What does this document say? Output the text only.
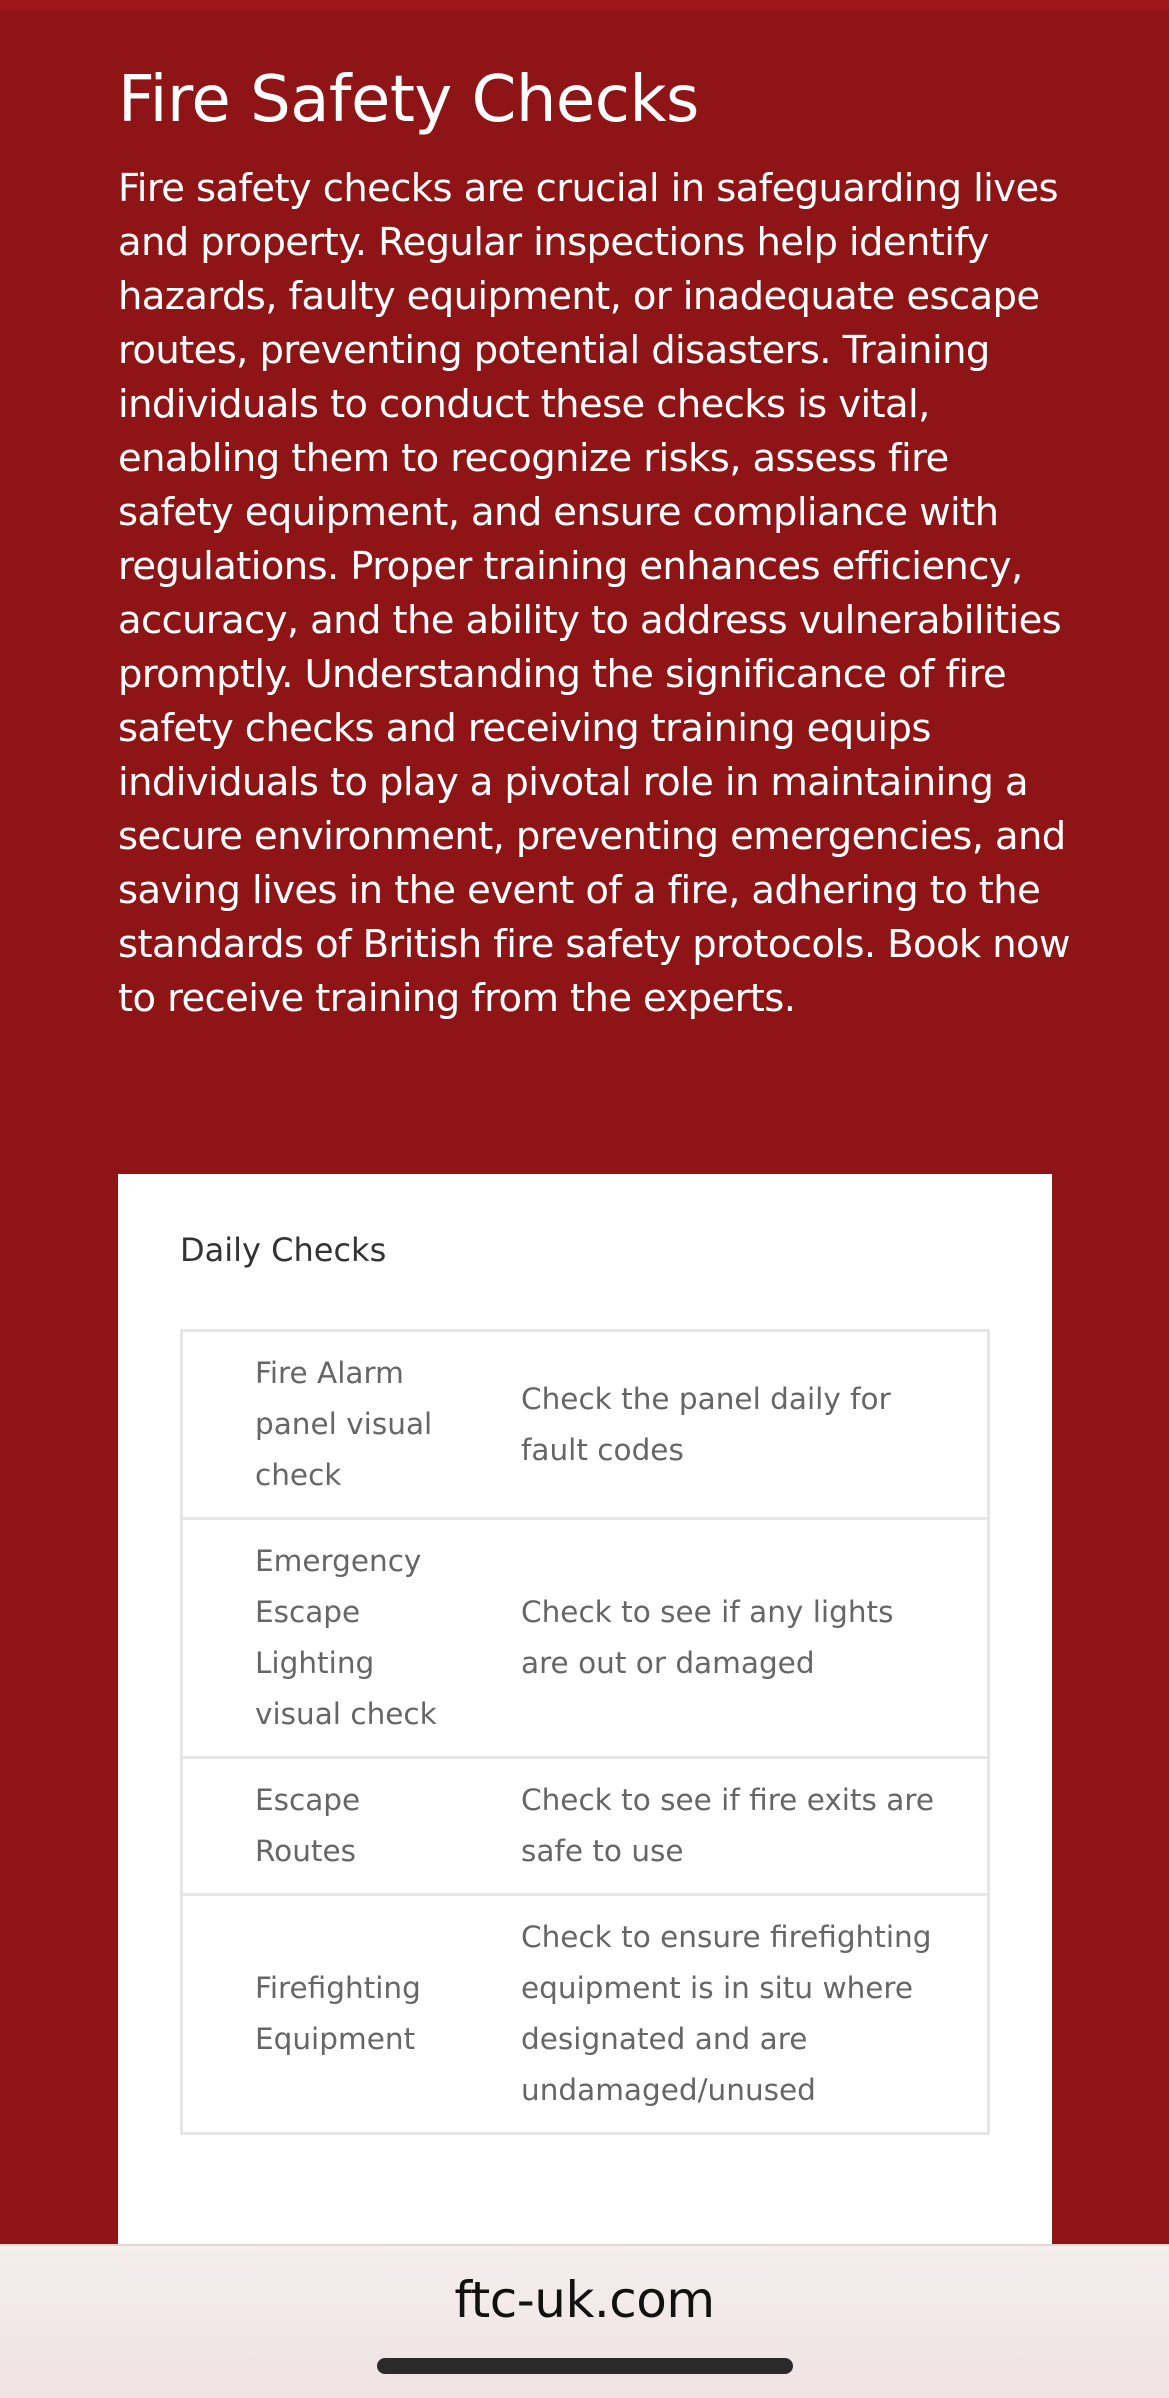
Fire Safety Checks

Fire safety checks are crucial in safeguarding lives and property. Regular inspections help identify hazards, faulty equipment, or inadequate escape routes, preventing potential disasters. Training individuals to conduct these checks is vital, enabling them to recognize risks, assess fire safety equipment, and ensure compliance with regulations. Proper training enhances efficiency, accuracy, and the ability to address vulnerabilities promptly. Understanding the significance of fire safety checks and receiving training equips individuals to play a pivotal role in maintaining a secure environment, preventing emergencies, and saving lives in the event of a fire, adhering to the standards of British fire safety protocols. Book now to receive training from the experts.

Daily Checks
Fire Alarm panel visual check	Check the panel daily for fault codes
Emergency Escape Lighting visual check	Check to see if any lights are out or damaged
Escape Routes	Check to see if fire exits are safe to use
Firefighting Equipment	Check to ensure firefighting equipment is in situ where designated and are undamaged/unused
ftc-uk.com
